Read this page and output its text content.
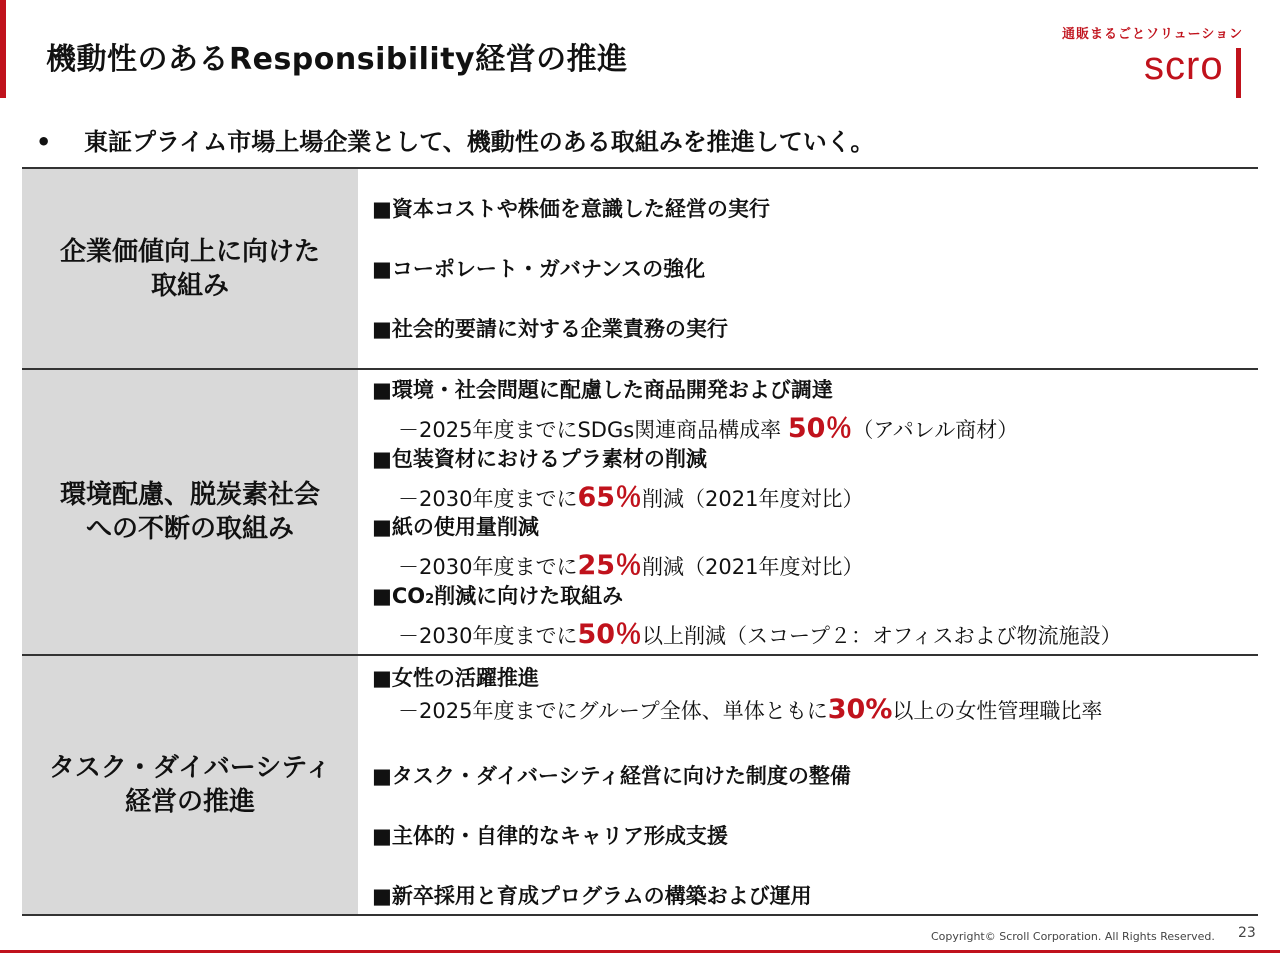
機動性のあるResponsibility経営の推進
通販まるごとソリューション
scro
• 東証プライム市場上場企業として、機動性のある取組みを推進していく。
企業価値向上に向けた
取組み
■資本コストや株価を意識した経営の実行
■コーポレート・ガバナンスの強化
■社会的要請に対する企業責務の実行
環境配慮、脱炭素社会
への不断の取組み
■環境・社会問題に配慮した商品開発および調達
－2025年度までにSDGs関連商品構成率 50％（アパレル商材）
■包装資材におけるプラ素材の削減
－2030年度までに65％削減（2021年度対比）
■紙の使用量削減
－2030年度までに25％削減（2021年度対比）
■CO2削減に向けた取組み
－2030年度までに50％以上削減（スコープ２：オフィスおよび物流施設）
タスク・ダイバーシティ
経営の推進
■女性の活躍推進
－2025年度までにグループ全体、単体ともに30%以上の女性管理職比率
■タスク・ダイバーシティ経営に向けた制度の整備
■主体的・自律的なキャリア形成支援
■新卒採用と育成プログラムの構築および運用
Copyright© Scroll Corporation. All Rights Reserved. 23
